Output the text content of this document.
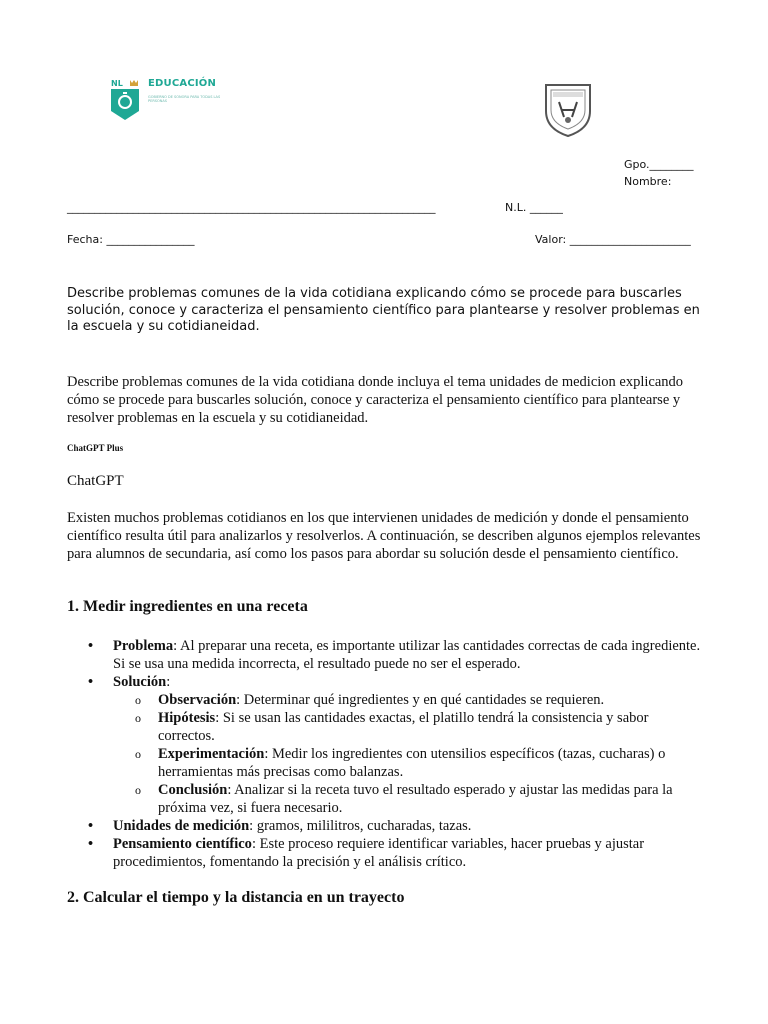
NL	EDUCACIÓN
GOBIERNO DE SONORA PARA TODAS LAS PERSONAS
Gpo.________
Nombre:
___________________________________________________________________	N.L. ______
Fecha: ________________	Valor: ______________________
Describe problemas comunes de la vida cotidiana explicando cómo se procede para buscarles solución, conoce y caracteriza el pensamiento científico para plantearse y resolver problemas en la escuela y su cotidianeidad.
Describe problemas comunes de la vida cotidiana donde incluya el tema unidades de medicion explicando cómo se procede para buscarles solución, conoce y caracteriza el pensamiento científico para plantearse y resolver problemas en la escuela y su cotidianeidad.
ChatGPT Plus
ChatGPT
Existen muchos problemas cotidianos en los que intervienen unidades de medición y donde el pensamiento científico resulta útil para analizarlos y resolverlos. A continuación, se describen algunos ejemplos relevantes para alumnos de secundaria, así como los pasos para abordar su solución desde el pensamiento científico.
1. Medir ingredientes en una receta
• Problema: Al preparar una receta, es importante utilizar las cantidades correctas de cada ingrediente. Si se usa una medida incorrecta, el resultado puede no ser el esperado.
• Solución:
o Observación: Determinar qué ingredientes y en qué cantidades se requieren.
o Hipótesis: Si se usan las cantidades exactas, el platillo tendrá la consistencia y sabor correctos.
o Experimentación: Medir los ingredientes con utensilios específicos (tazas, cucharas) o herramientas más precisas como balanzas.
o Conclusión: Analizar si la receta tuvo el resultado esperado y ajustar las medidas para la próxima vez, si fuera necesario.
• Unidades de medición: gramos, mililitros, cucharadas, tazas.
• Pensamiento científico: Este proceso requiere identificar variables, hacer pruebas y ajustar procedimientos, fomentando la precisión y el análisis crítico.
2. Calcular el tiempo y la distancia en un trayecto
